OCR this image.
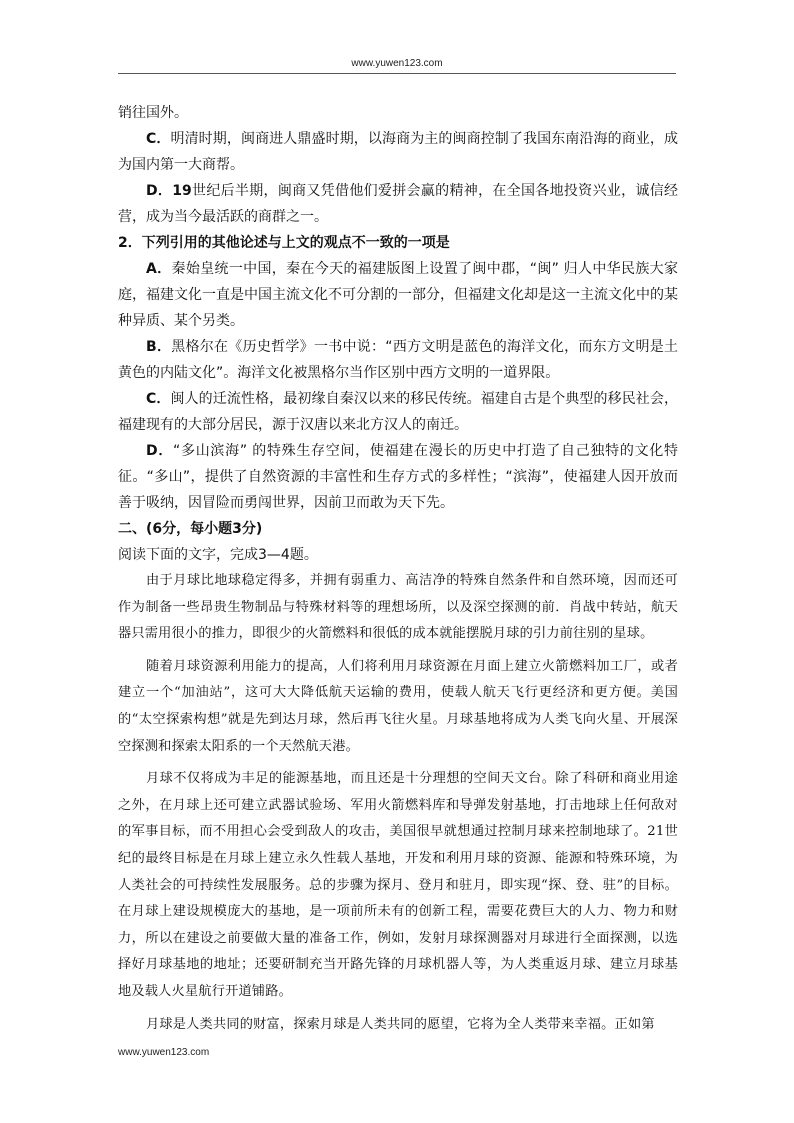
www.yuwen123.com

销往国外。

C．明清时期，闽商进人鼎盛时期，以海商为主的闽商控制了我国东南沿海的商业，成为国内第一大商帮。

D．19世纪后半期，闽商又凭借他们爱拼会赢的精神，在全国各地投资兴业，诚信经营，成为当今最活跃的商群之一。

2．下列引用的其他论述与上文的观点不一致的一项是

A．秦始皇统一中国，秦在今天的福建版图上设置了闽中郡，“闽” 归人中华民族大家庭，福建文化一直是中国主流文化不可分割的一部分，但福建文化却是这一主流文化中的某种异质、某个另类。

B．黑格尔在《历史哲学》一书中说：“西方文明是蓝色的海洋文化，而东方文明是土黄色的内陆文化”。海洋文化被黑格尔当作区别中西方文明的一道界限。

C．闽人的迁流性格，最初缘自秦汉以来的移民传统。福建自古是个典型的移民社会，福建现有的大部分居民，源于汉唐以来北方汉人的南迁。

D．“多山滨海” 的特殊生存空间，使福建在漫长的历史中打造了自己独特的文化特征。“多山”，提供了自然资源的丰富性和生存方式的多样性；“滨海”，使福建人因开放而善于吸纳，因冒险而勇闯世界，因前卫而敢为天下先。

二、(6分，每小题3分)

阅读下面的文字，完成3—4题。

由于月球比地球稳定得多，并拥有弱重力、高洁净的特殊自然条件和自然环境，因而还可作为制备一些昂贵生物制品与特殊材料等的理想场所，以及深空探测的前．肖战中转站，航天器只需用很小的推力，即很少的火箭燃料和很低的成本就能摆脱月球的引力前往别的星球。

随着月球资源利用能力的提高，人们将利用月球资源在月面上建立火箭燃料加工厂，或者建立一个“加油站”，这可大大降低航天运输的费用，使载人航天飞行更经济和更方便。美国的“太空探索构想”就是先到达月球，然后再飞往火星。月球基地将成为人类飞向火星、开展深空探测和探索太阳系的一个天然航天港。

月球不仅将成为丰足的能源基地，而且还是十分理想的空间天文台。除了科研和商业用途之外，在月球上还可建立武器试验场、军用火箭燃料库和导弹发射基地，打击地球上任何敌对的军事目标，而不用担心会受到敌人的攻击，美国很早就想通过控制月球来控制地球了。21世纪的最终目标是在月球上建立永久性载人基地，开发和利用月球的资源、能源和特殊环境，为人类社会的可持续性发展服务。总的步骤为探月、登月和驻月，即实现“探、登、驻”的目标。在月球上建设规模庞大的基地，是一项前所未有的创新工程，需要花费巨大的人力、物力和财力，所以在建设之前要做大量的准备工作，例如，发射月球探测器对月球进行全面探测，以选择好月球基地的地址；还要研制充当开路先锋的月球机器人等，为人类重返月球、建立月球基地及载人火星航行开道铺路。

月球是人类共同的财富，探索月球是人类共同的愿望，它将为全人类带来幸福。正如第

www.yuwen123.com
